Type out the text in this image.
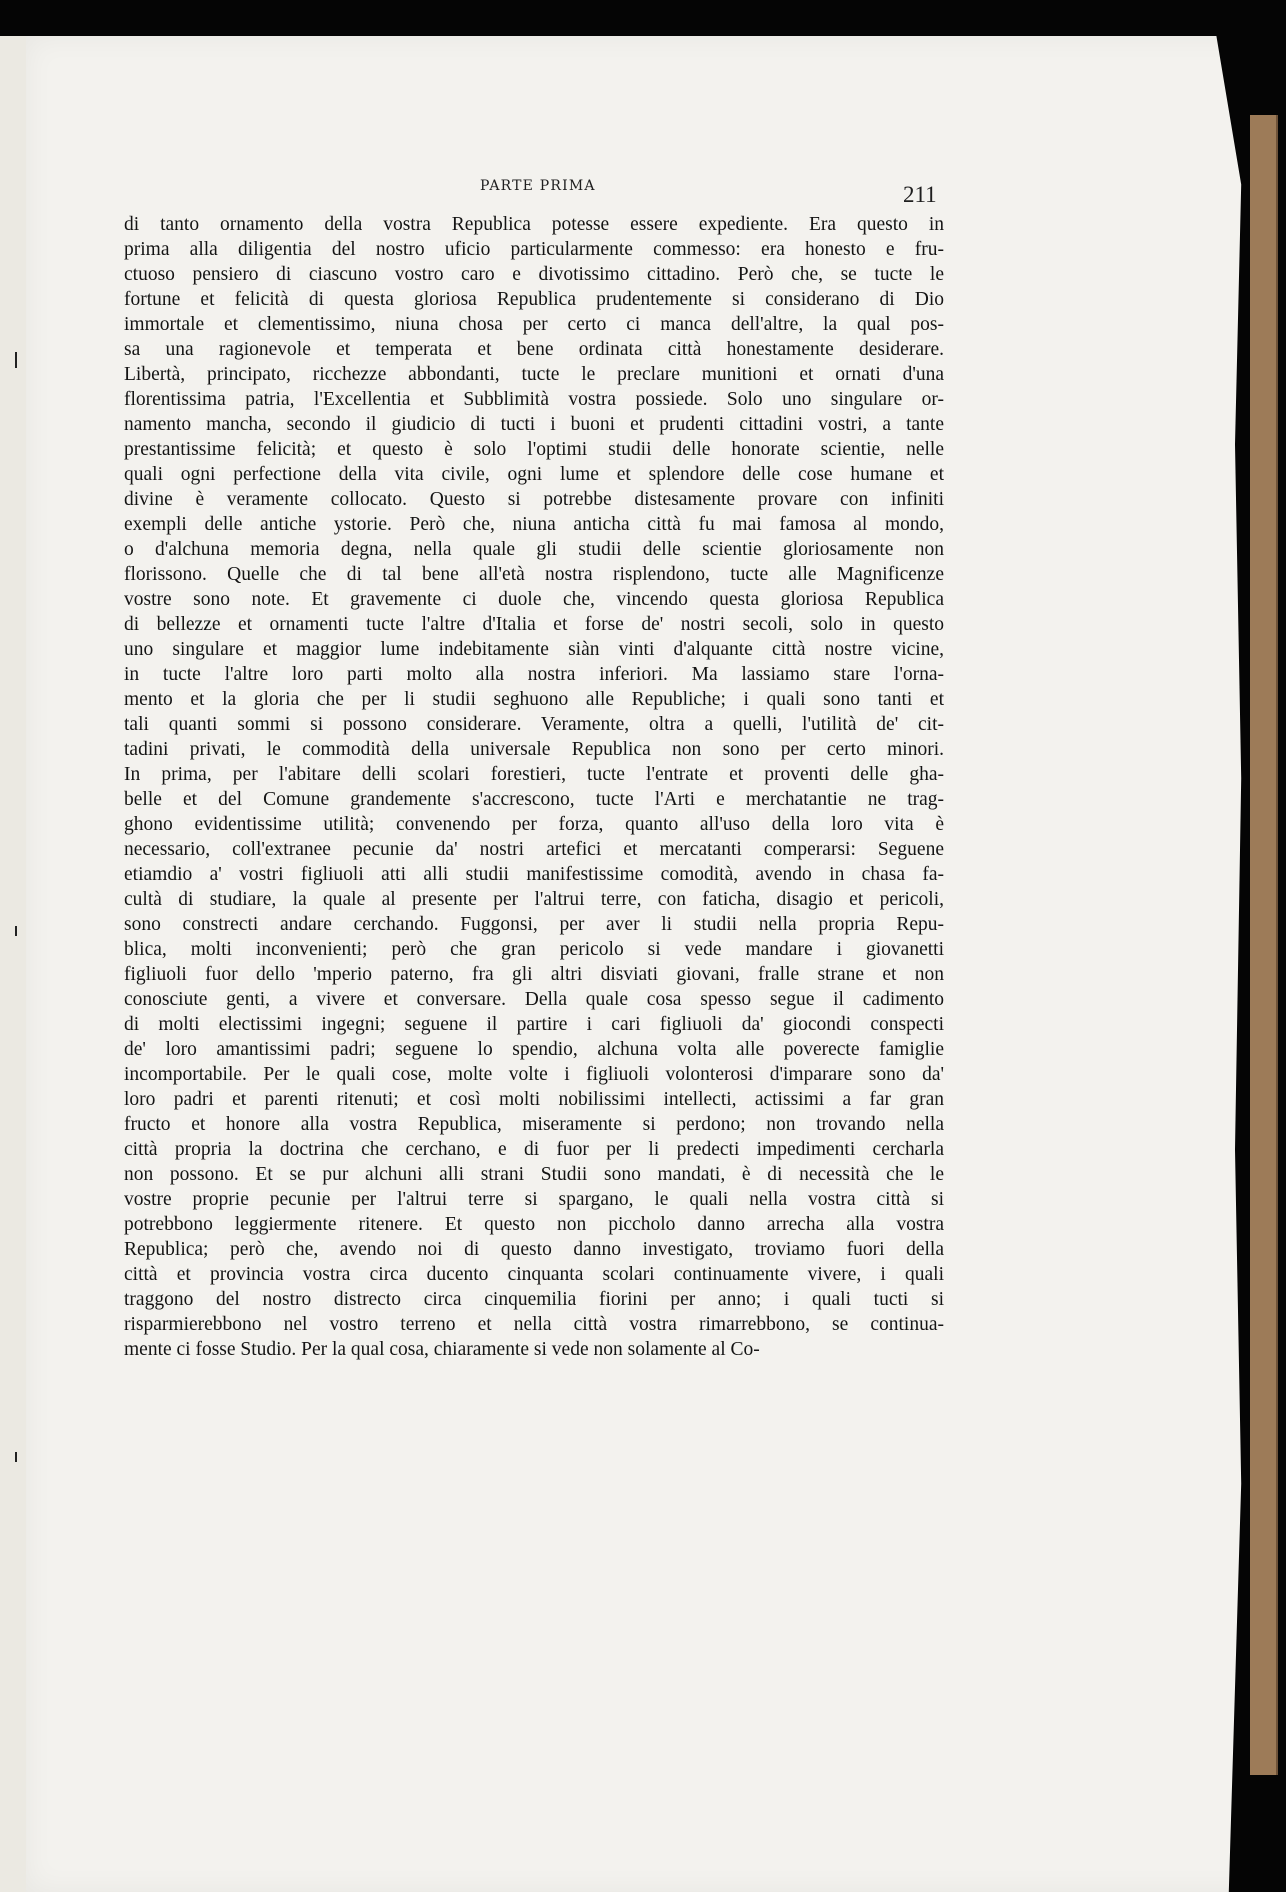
PARTE PRIMA	211
di tanto ornamento della vostra Republica potesse essere expediente. Era questo in
prima alla diligentia del nostro uficio particularmente commesso: era honesto e fru-
ctuoso pensiero di ciascuno vostro caro e divotissimo cittadino. Però che, se tucte le
fortune et felicità di questa gloriosa Republica prudentemente si considerano di Dio
immortale et clementissimo, niuna chosa per certo ci manca dell'altre, la qual pos-
sa una ragionevole et temperata et bene ordinata città honestamente desiderare.
Libertà, principato, ricchezze abbondanti, tucte le preclare munitioni et ornati d'una
florentissima patria, l'Excellentia et Subblimità vostra possiede. Solo uno singulare or-
namento mancha, secondo il giudicio di tucti i buoni et prudenti cittadini vostri, a tante
prestantissime felicità; et questo è solo l'optimi studii delle honorate scientie, nelle
quali ogni perfectione della vita civile, ogni lume et splendore delle cose humane et
divine è veramente collocato. Questo si potrebbe distesamente provare con infiniti
exempli delle antiche ystorie. Però che, niuna anticha città fu mai famosa al mondo,
o d'alchuna memoria degna, nella quale gli studii delle scientie gloriosamente non
florissono. Quelle che di tal bene all'età nostra risplendono, tucte alle Magnificenze
vostre sono note. Et gravemente ci duole che, vincendo questa gloriosa Republica
di bellezze et ornamenti tucte l'altre d'Italia et forse de' nostri secoli, solo in questo
uno singulare et maggior lume indebitamente siàn vinti d'alquante città nostre vicine,
in tucte l'altre loro parti molto alla nostra inferiori. Ma lassiamo stare l'orna-
mento et la gloria che per li studii seghuono alle Republiche; i quali sono tanti et
tali quanti sommi si possono considerare. Veramente, oltra a quelli, l'utilità de' cit-
tadini privati, le commodità della universale Republica non sono per certo minori.
In prima, per l'abitare delli scolari forestieri, tucte l'entrate et proventi delle gha-
belle et del Comune grandemente s'accrescono, tucte l'Arti e merchatantie ne trag-
ghono evidentissime utilità; convenendo per forza, quanto all'uso della loro vita è
necessario, coll'extranee pecunie da' nostri artefici et mercatanti comperarsi: Seguene
etiamdio a' vostri figliuoli atti alli studii manifestissime comodità, avendo in chasa fa-
cultà di studiare, la quale al presente per l'altrui terre, con faticha, disagio et pericoli,
sono constrecti andare cerchando. Fuggonsi, per aver li studii nella propria Repu-
blica, molti inconvenienti; però che gran pericolo si vede mandare i giovanetti
figliuoli fuor dello 'mperio paterno, fra gli altri disviati giovani, fralle strane et non
conosciute genti, a vivere et conversare. Della quale cosa spesso segue il cadimento
di molti electissimi ingegni; seguene il partire i cari figliuoli da' giocondi conspecti
de' loro amantissimi padri; seguene lo spendio, alchuna volta alle poverecte famiglie
incomportabile. Per le quali cose, molte volte i figliuoli volonterosi d'imparare sono da'
loro padri et parenti ritenuti; et così molti nobilissimi intellecti, actissimi a far gran
fructo et honore alla vostra Republica, miseramente si perdono; non trovando nella
città propria la doctrina che cerchano, e di fuor per li predecti impedimenti cercharla
non possono. Et se pur alchuni alli strani Studii sono mandati, è di necessità che le
vostre proprie pecunie per l'altrui terre si spargano, le quali nella vostra città si
potrebbono leggiermente ritenere. Et questo non piccholo danno arrecha alla vostra
Republica; però che, avendo noi di questo danno investigato, troviamo fuori della
città et provincia vostra circa ducento cinquanta scolari continuamente vivere, i quali
traggono del nostro distrecto circa cinquemilia fiorini per anno; i quali tucti si
risparmierebbono nel vostro terreno et nella città vostra rimarrebbono, se continua-
mente ci fosse Studio. Per la qual cosa, chiaramente si vede non solamente al Co-
